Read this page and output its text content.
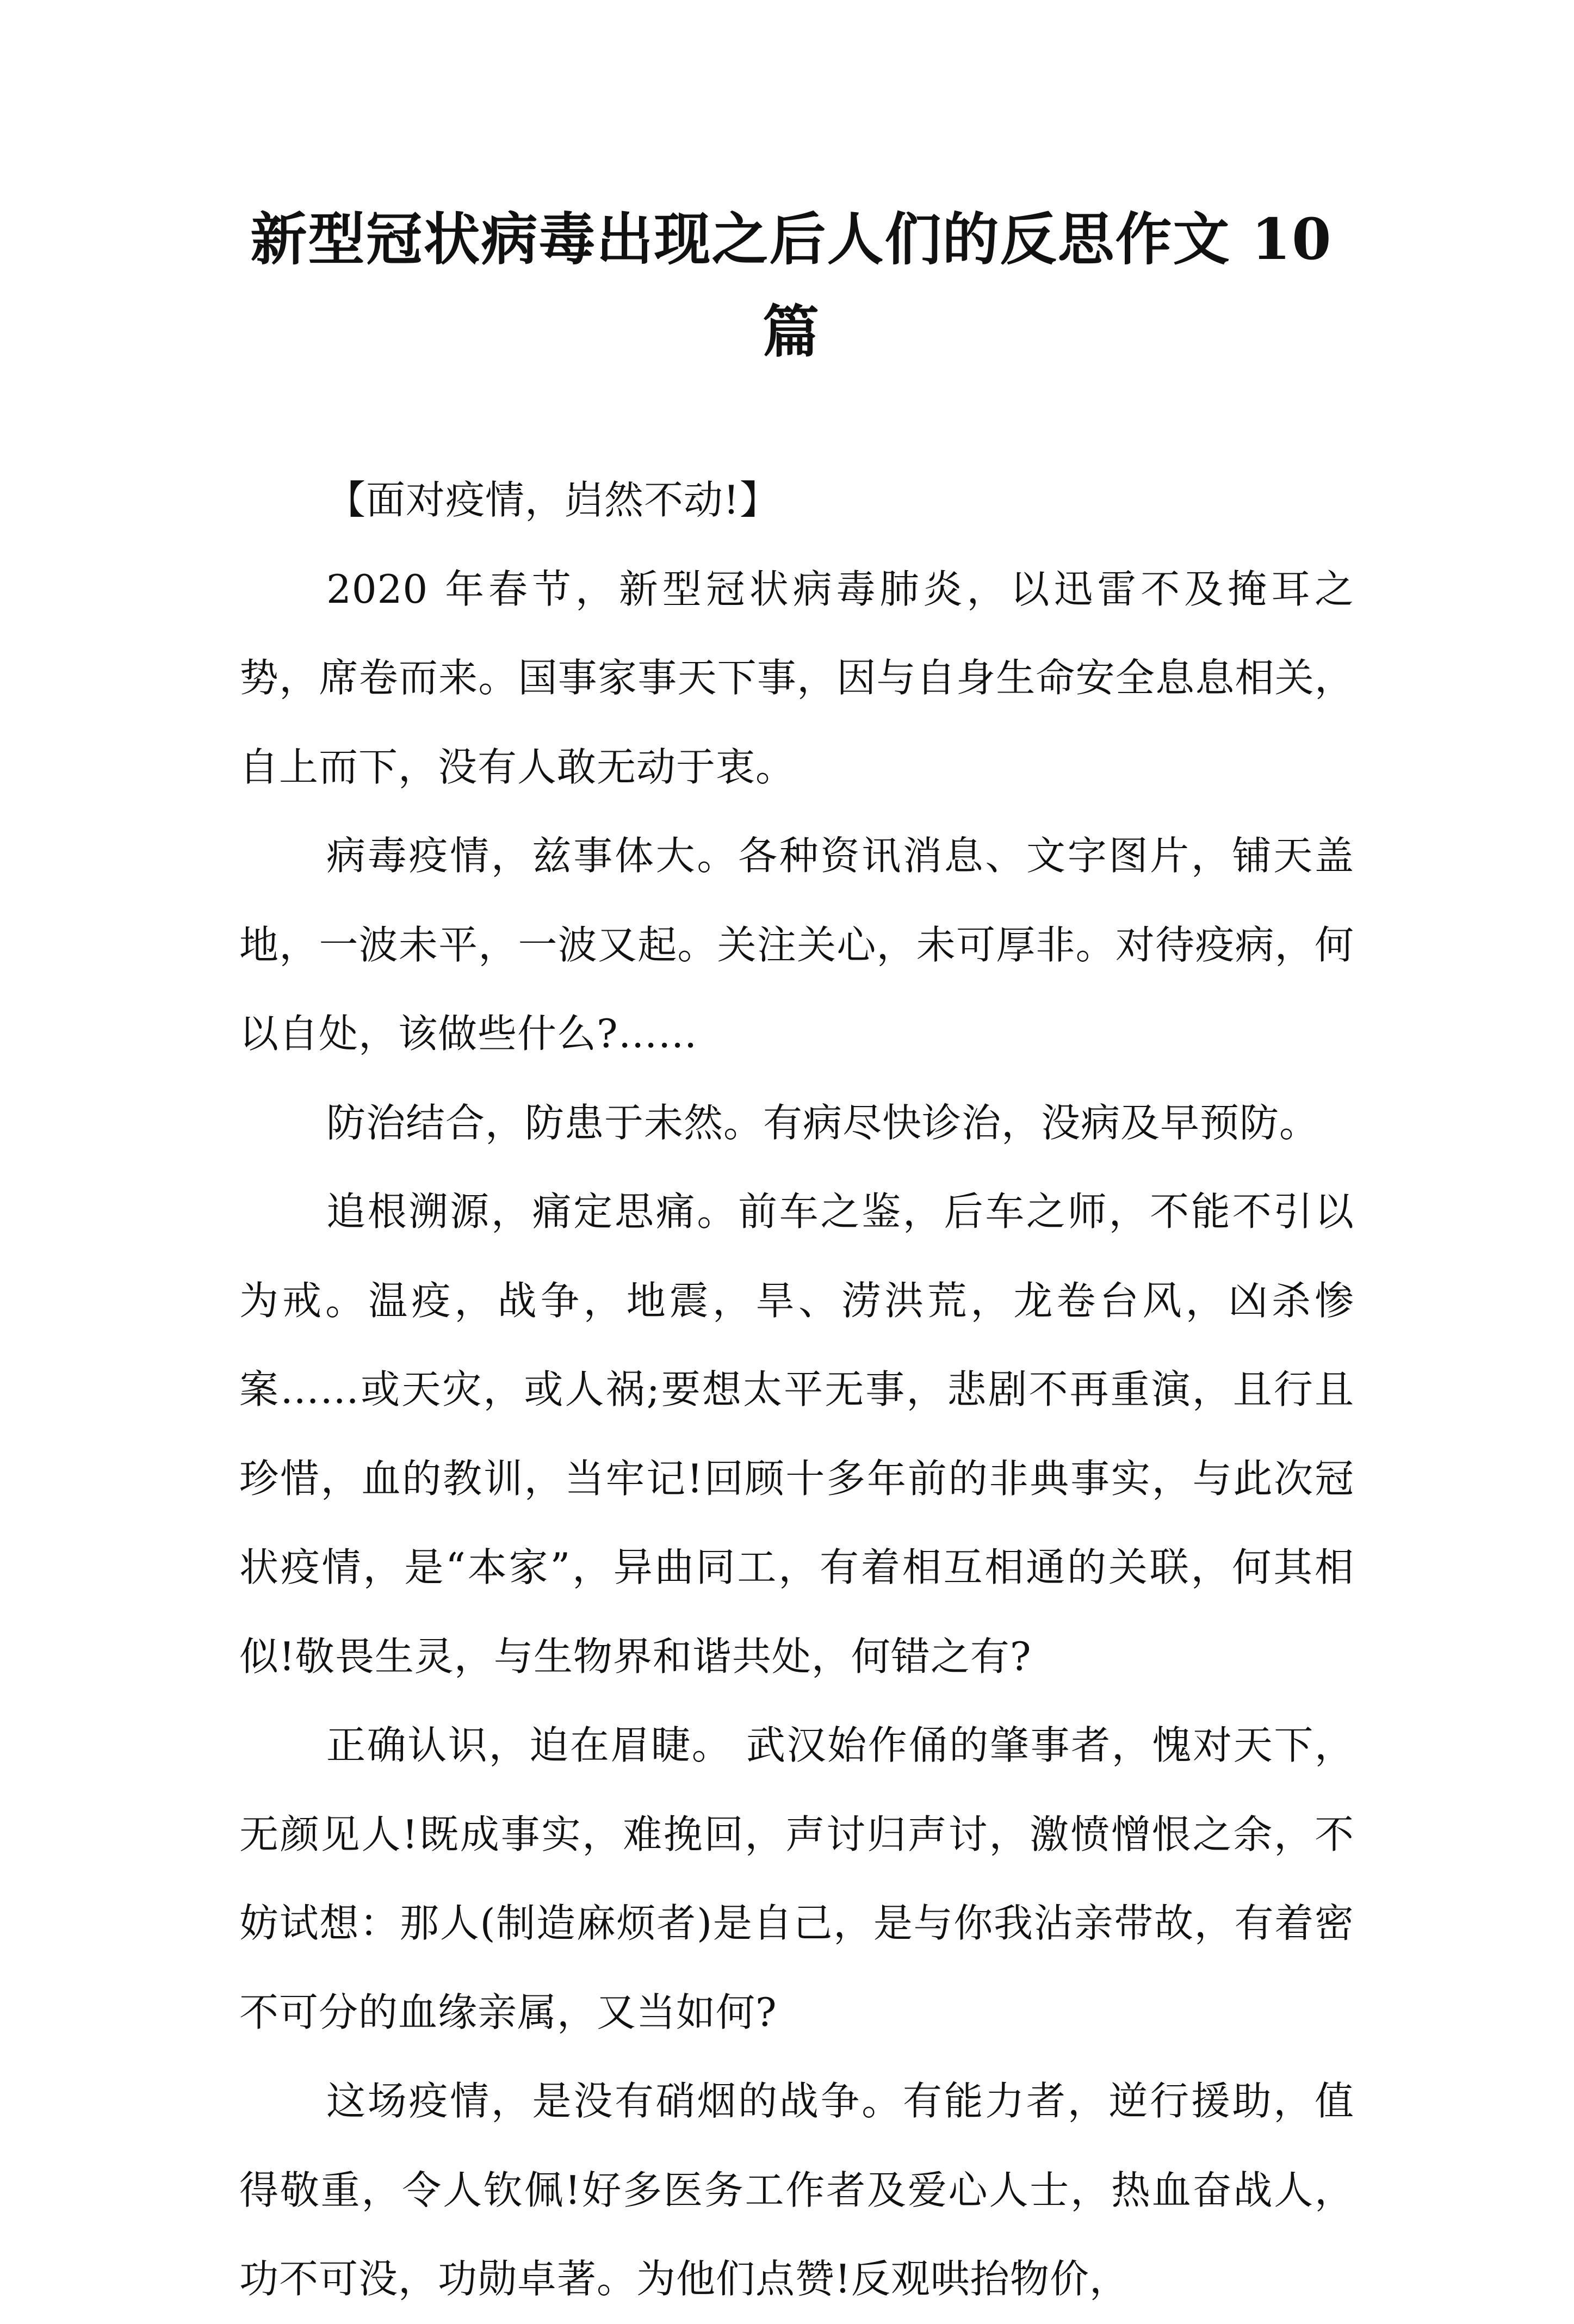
新型冠状病毒出现之后人们的反思作文 10 篇

【面对疫情，岿然不动!】

2020 年春节，新型冠状病毒肺炎，以迅雷不及掩耳之势，席卷而来。国事家事天下事，因与自身生命安全息息相关，自上而下，没有人敢无动于衷。

病毒疫情，兹事体大。各种资讯消息、文字图片，铺天盖地，一波未平，一波又起。关注关心，未可厚非。对待疫病，何以自处，该做些什么?……

防治结合，防患于未然。有病尽快诊治，没病及早预防。

追根溯源，痛定思痛。前车之鉴，后车之师，不能不引以为戒。温疫，战争，地震，旱、涝洪荒，龙卷台风，凶杀惨案……或天灾，或人祸;要想太平无事，悲剧不再重演，且行且珍惜，血的教训，当牢记!回顾十多年前的非典事实，与此次冠状疫情，是“本家”，异曲同工，有着相互相通的关联，何其相似!敬畏生灵，与生物界和谐共处，何错之有?

正确认识，迫在眉睫。 武汉始作俑的肇事者，愧对天下，无颜见人!既成事实，难挽回，声讨归声讨，激愤憎恨之余，不妨试想：那人(制造麻烦者)是自己，是与你我沾亲带故，有着密不可分的血缘亲属，又当如何?

这场疫情，是没有硝烟的战争。有能力者，逆行援助，值得敬重，令人钦佩!好多医务工作者及爱心人士，热血奋战人，功不可没，功勋卓著。为他们点赞!反观哄抬物价，
